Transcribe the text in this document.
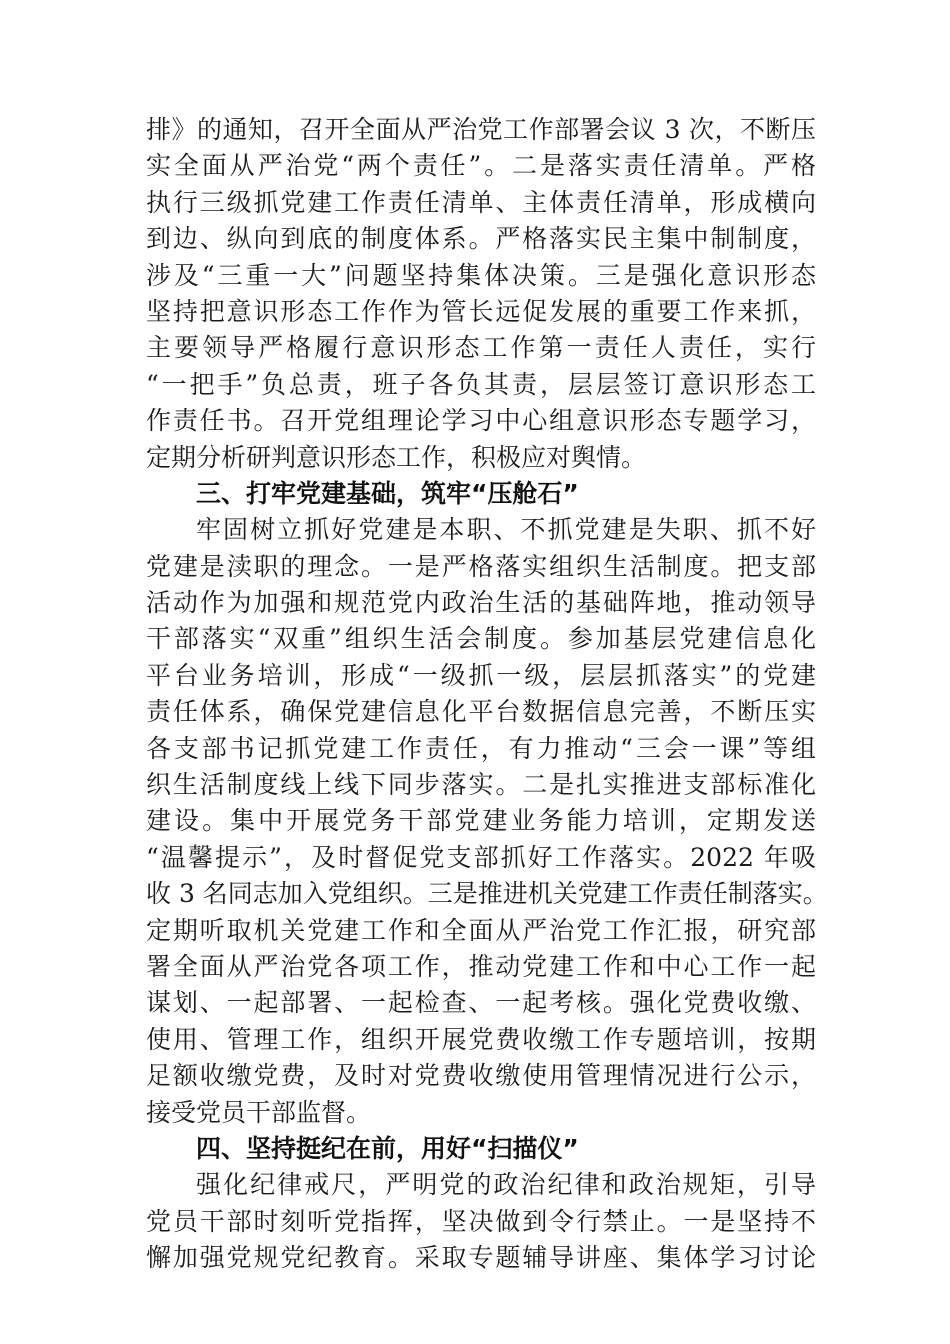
排》的通知，召开全面从严治党工作部署会议 3 次，不断压
实全面从严治党“两个责任”。二是落实责任清单。严格
执行三级抓党建工作责任清单、主体责任清单，形成横向
到边、纵向到底的制度体系。严格落实民主集中制制度，
涉及“三重一大”问题坚持集体决策。三是强化意识形态
坚持把意识形态工作作为管长远促发展的重要工作来抓，
主要领导严格履行意识形态工作第一责任人责任，实行
“一把手”负总责，班子各负其责，层层签订意识形态工
作责任书。召开党组理论学习中心组意识形态专题学习，
定期分析研判意识形态工作，积极应对舆情。
三、打牢党建基础，筑牢“压舱石”
牢固树立抓好党建是本职、不抓党建是失职、抓不好
党建是渎职的理念。一是严格落实组织生活制度。把支部
活动作为加强和规范党内政治生活的基础阵地，推动领导
干部落实“双重”组织生活会制度。参加基层党建信息化
平台业务培训，形成“一级抓一级，层层抓落实”的党建
责任体系，确保党建信息化平台数据信息完善，不断压实
各支部书记抓党建工作责任，有力推动“三会一课”等组
织生活制度线上线下同步落实。二是扎实推进支部标准化
建设。集中开展党务干部党建业务能力培训，定期发送
“温馨提示”，及时督促党支部抓好工作落实。2022 年吸
收 3 名同志加入党组织。三是推进机关党建工作责任制落实。
定期听取机关党建工作和全面从严治党工作汇报，研究部
署全面从严治党各项工作，推动党建工作和中心工作一起
谋划、一起部署、一起检查、一起考核。强化党费收缴、
使用、管理工作，组织开展党费收缴工作专题培训，按期
足额收缴党费，及时对党费收缴使用管理情况进行公示，
接受党员干部监督。
四、坚持挺纪在前，用好“扫描仪”
强化纪律戒尺，严明党的政治纪律和政治规矩，引导
党员干部时刻听党指挥，坚决做到令行禁止。一是坚持不
懈加强党规党纪教育。采取专题辅导讲座、集体学习讨论
